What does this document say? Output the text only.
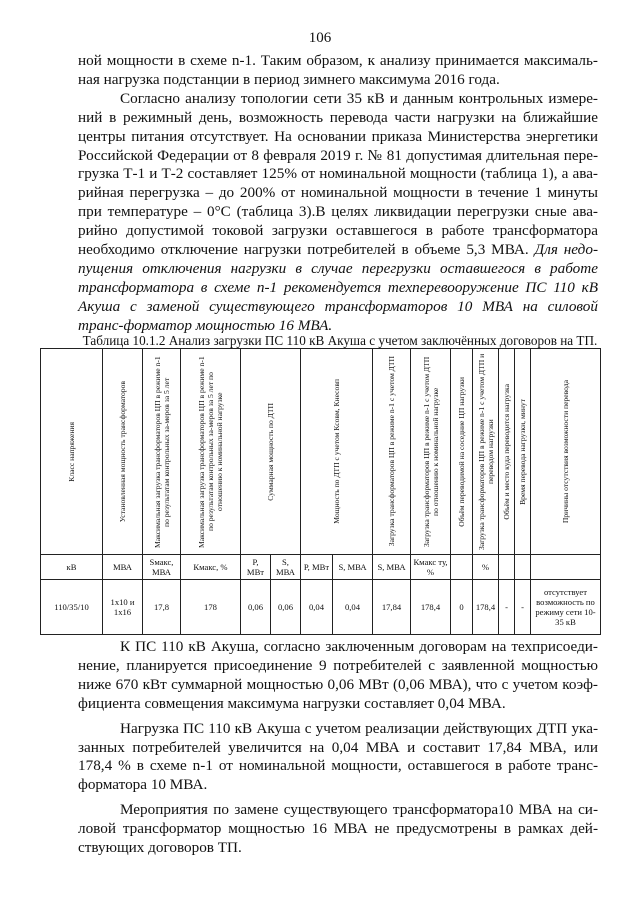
106

ной мощности в схеме n-1. Таким образом, к анализу принимается максималь-ная нагрузка подстанции в период зимнего максимума 2016 года.

Согласно анализу топологии сети 35 кВ и данным контрольных измере-ний в режимный день, возможность перевода части нагрузки на ближайшие центры питания отсутствует. На основании приказа Министерства энергетики Российской Федерации от 8 февраля 2019 г. № 81 допустимая длительная пере-грузка Т-1 и Т-2 составляет 125% от номинальной мощности (таблица 1), а ава-рийная перегрузка – до 200% от номинальной мощности в течение 1 минуты при температуре – 0°C (таблица 3).В целях ликвидации перегрузки сные ава-рийно допустимой токовой загрузки оставшегося в работе трансформатора необходимо отключение нагрузки потребителей в объеме 5,3 МВА. Для недо-пущения отключения нагрузки в случае перегрузки оставшегося в работе трансформатора в схеме n-1 рекомендуется техперевооружение ПС 110 кВ Акуша с заменой существующего трансформаторов 10 МВА на силовой транс-форматор мощностью 16 МВА.

Таблица 10.1.2 Анализ загрузки ПС 110 кВ Акуша с учетом заключённых договоров на ТП.
Класс напряжения	Установленная мощность трансформаторов	Максимальная загрузка трансформаторов ЦП в режиме n-1 по результатам контрольных за-меров за 5 лет	Максимальная загрузка трансформаторов ЦП в режиме n-1 по результатам контрольных за-меров за 5 лет по отношению к номинальной нагрузке	Суммарная мощность по ДТП		Мощность по ДТП с учетом Ксовм, Кнесовп		Загрузка трансформаторов ЦП в режиме n-1 с учетом ДТП	Загрузка трансформаторов ЦП в режиме n-1 с учетом ДТП по отношению к номинальной нагрузке	Объём переводимой на соседние ЦП нагрузки	Загрузка трансформаторов ЦП в режиме n-1 с учетом ДТП и переводом нагрузки	Объём и место куда переводится нагрузка	Время перевода нагрузки, минут	Причины отсутствия возможности перевода

кВ	МВА	Sмакс, МВА	Кмакс, %	P, МВт	S, МВА	P, МВт	S, МВА	S, МВА	Кмакс ту, %		%			
110/35/10	1х10 и 1х16	17,8	178	0,06	0,06	0,04	0,04	17,84	178,4	0	178,4	-	-	отсутствует возможность по режиму сети 10-35 кВ

К ПС 110 кВ Акуша, согласно заключенным договорам на техприсоеди-нение, планируется присоединение 9 потребителей с заявленной мощностью ниже 670 кВт суммарной мощностью 0,06 МВт (0,06 МВА), что с учетом коэф-фициента совмещения максимума нагрузки составляет 0,04 МВА.

Нагрузка ПС 110 кВ Акуша с учетом реализации действующих ДТП ука-занных потребителей увеличится на 0,04 МВА и составит 17,84 МВА, или 178,4 % в схеме n-1 от номинальной мощности, оставшегося в работе транс-форматора 10 МВА.

Мероприятия по замене существующего трансформатора10 МВА на си-ловой трансформатор мощностью 16 МВА не предусмотрены в рамках дей-ствующих договоров ТП.
